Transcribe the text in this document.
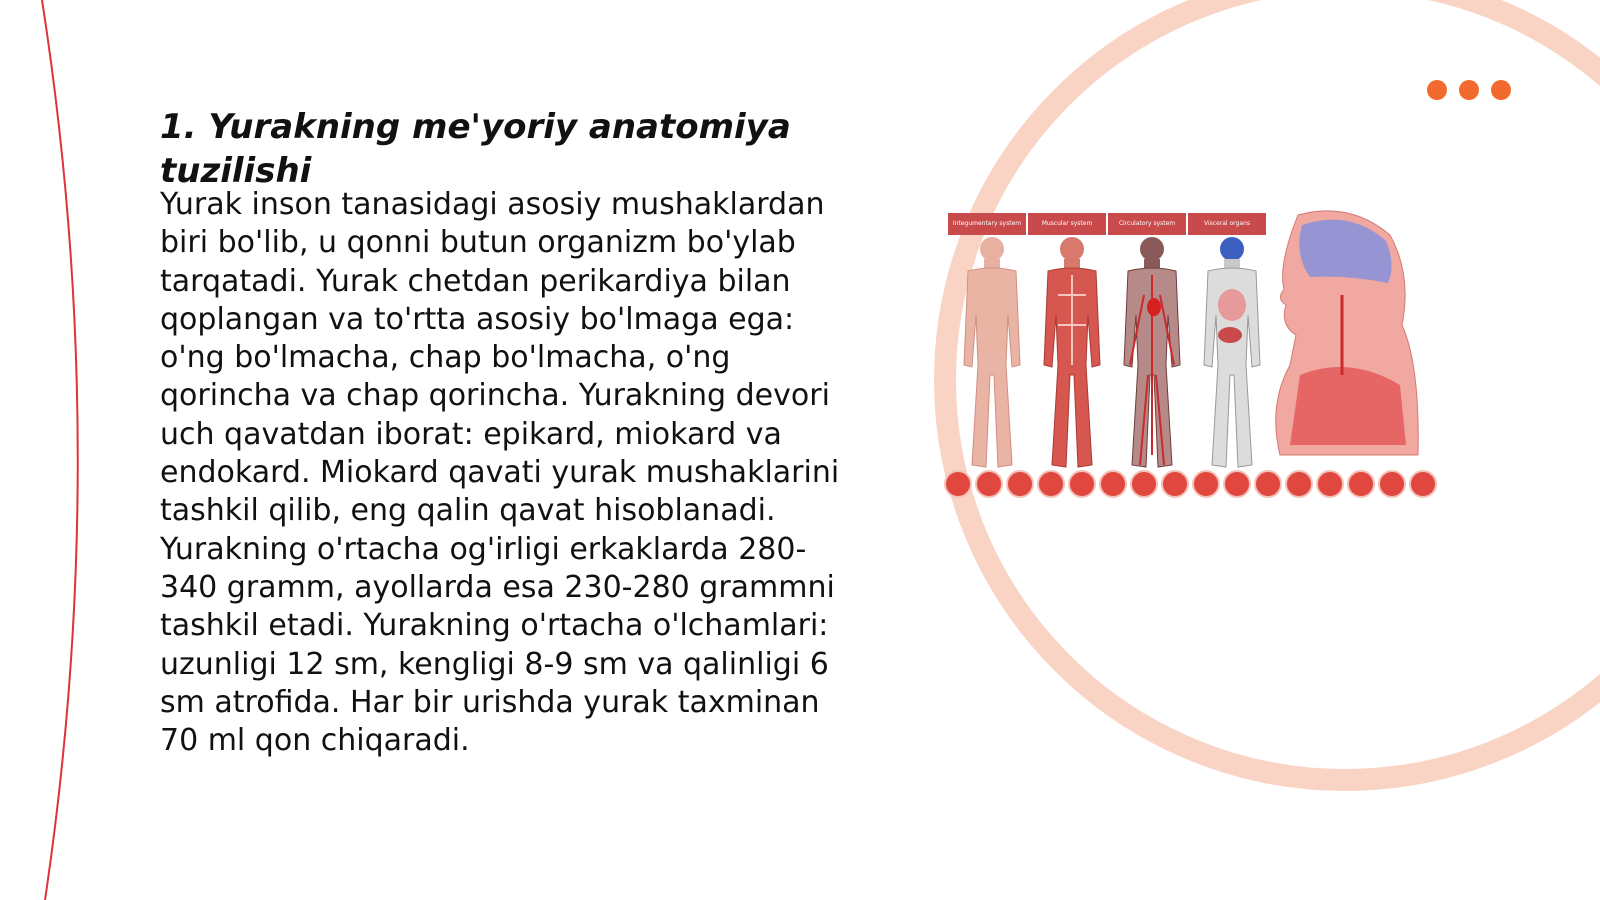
1. Yurakning me'yoriy anatomiya tuzilishi

Yurak inson tanasidagi asosiy mushaklardan biri bo'lib, u qonni butun organizm bo'ylab tarqatadi. Yurak chetdan perikardiya bilan qoplangan va to'rtta asosiy bo'lmaga ega: o'ng bo'lmacha, chap bo'lmacha, o'ng qorincha va chap qorincha. Yurakning devori uch qavatdan iborat: epikard, miokard va endokard. Miokard qavati yurak mushaklarini tashkil qilib, eng qalin qavat hisoblanadi. Yurakning o'rtacha og'irligi erkaklarda 280-340 gramm, ayollarda esa 230-280 grammni tashkil etadi. Yurakning o'rtacha o'lchamlari: uzunligi 12 sm, kengligi 8-9 sm va qalinligi 6 sm atrofida. Har bir urishda yurak taxminan 70 ml qon chiqaradi.

Integumentary system	Muscular system	Circulatory system	Visceral organs
